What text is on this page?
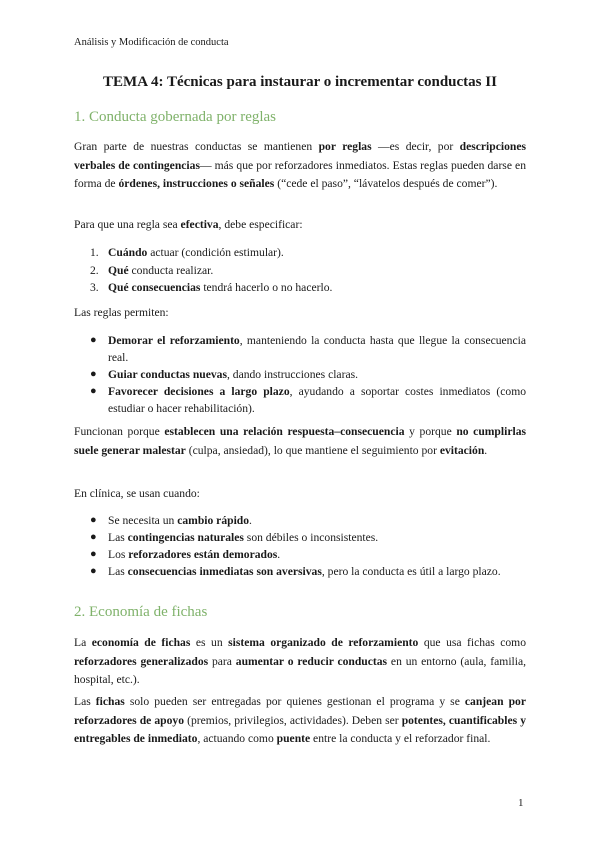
Análisis y Modificación de conducta
TEMA 4: Técnicas para instaurar o incrementar conductas II
1. Conducta gobernada por reglas

Gran parte de nuestras conductas se mantienen por reglas —es decir, por descripciones verbales de contingencias— más que por reforzadores inmediatos. Estas reglas pueden darse en forma de órdenes, instrucciones o señales (“cede el paso”, “lávatelos después de comer”).

Para que una regla sea efectiva, debe especificar:

1. Cuándo actuar (condición estimular).
2. Qué conducta realizar.
3. Qué consecuencias tendrá hacerlo o no hacerlo.

Las reglas permiten:

● Demorar el reforzamiento, manteniendo la conducta hasta que llegue la consecuencia real.
● Guiar conductas nuevas, dando instrucciones claras.
● Favorecer decisiones a largo plazo, ayudando a soportar costes inmediatos (como estudiar o hacer rehabilitación).

Funcionan porque establecen una relación respuesta–consecuencia y porque no cumplirlas suele generar malestar (culpa, ansiedad), lo que mantiene el seguimiento por evitación.

En clínica, se usan cuando:

● Se necesita un cambio rápido.
● Las contingencias naturales son débiles o inconsistentes.
● Los reforzadores están demorados.
● Las consecuencias inmediatas son aversivas, pero la conducta es útil a largo plazo.
2. Economía de fichas

La economía de fichas es un sistema organizado de reforzamiento que usa fichas como reforzadores generalizados para aumentar o reducir conductas en un entorno (aula, familia, hospital, etc.).

Las fichas solo pueden ser entregadas por quienes gestionan el programa y se canjean por reforzadores de apoyo (premios, privilegios, actividades). Deben ser potentes, cuantificables y entregables de inmediato, actuando como puente entre la conducta y el reforzador final.

1
